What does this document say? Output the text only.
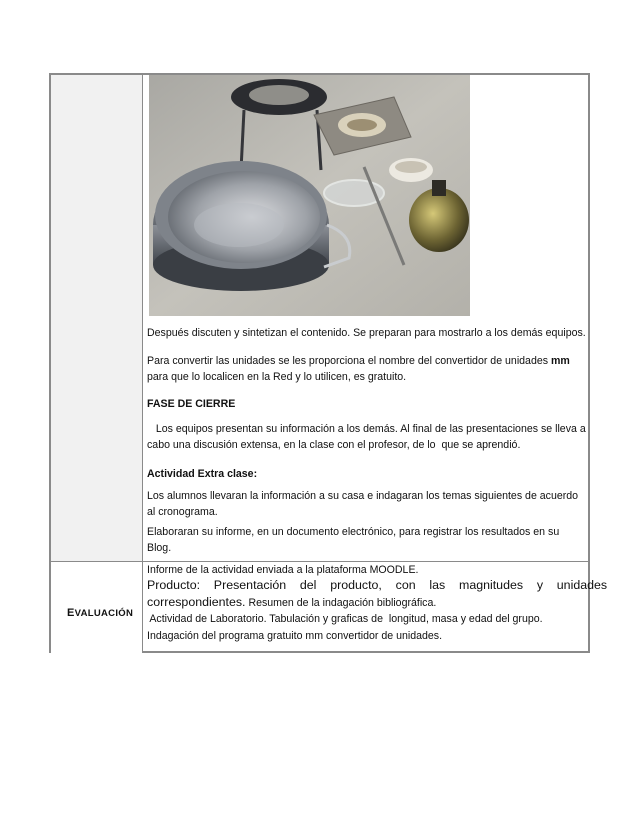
EVALUACIÓN
Después discuten y sintetizan el contenido. Se preparan para mostrarlo a los demás equipos.
Para convertir las unidades se les proporciona el nombre del convertidor de unidades mm
para que lo localicen en la Red y lo utilicen, es gratuito.
FASE DE CIERRE
Los equipos presentan su información a los demás. Al final de las presentaciones se lleva a
cabo una discusión extensa, en la clase con el profesor, de lo  que se aprendió.
Actividad Extra clase:
Los alumnos llevaran la información a su casa e indagaran los temas siguientes de acuerdo
al cronograma.
Elaboraran su informe, en un documento electrónico, para registrar los resultados en su
Blog.
Informe de la actividad enviada a la plataforma MOODLE.
Producto:    Presentación    del    producto,    con    las    magnitudes    y    unidades
correspondientes. Resumen de la indagación bibliográfica.
Actividad de Laboratorio. Tabulación y graficas de  longitud, masa y edad del grupo.
Indagación del programa gratuito mm convertidor de unidades.
